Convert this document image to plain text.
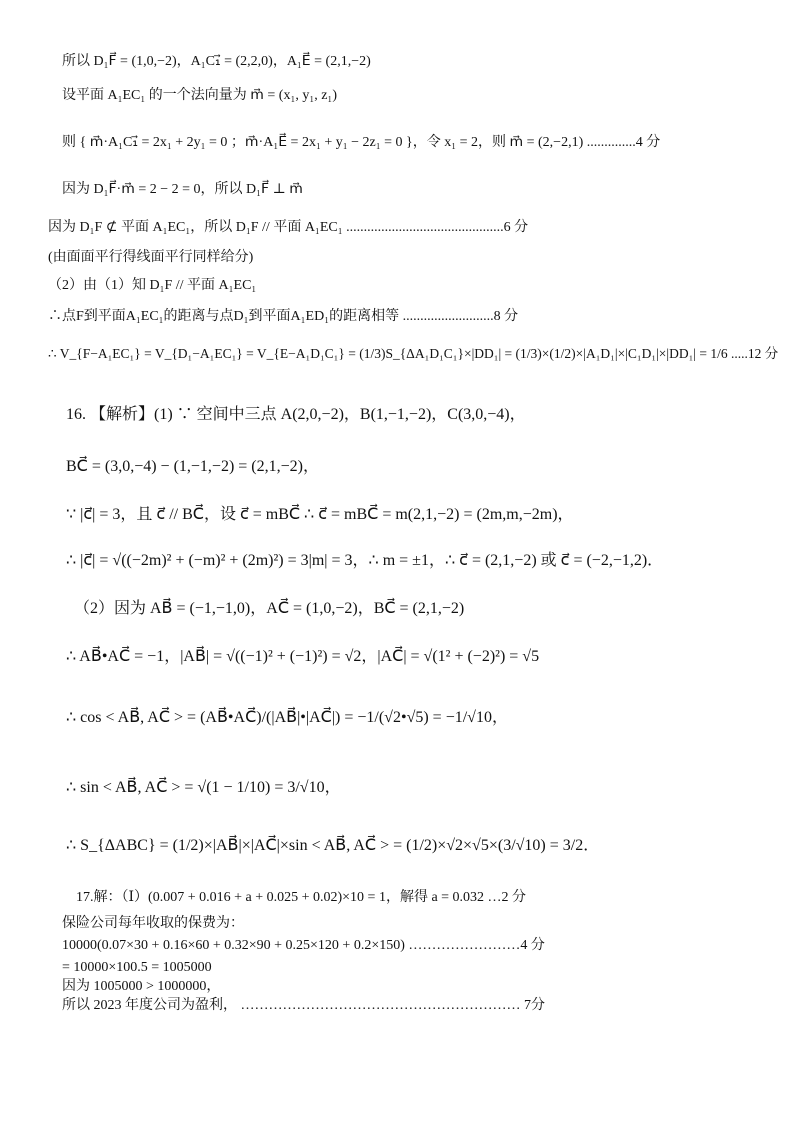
所以 D₁F⃗ = (1,0,−2)，A₁C₁⃗ = (2,2,0)，A₁E⃗ = (2,1,−2)
设平面 A₁EC₁ 的一个法向量为 m⃗ = (x₁, y₁, z₁)
则 { m⃗·A₁C₁⃗ = 2x₁ + 2y₁ = 0 ；m⃗·A₁E⃗ = 2x₁ + y₁ − 2z₁ = 0 }，令 x₁ = 2，则 m⃗ = (2,−2,1) ..............4 分
因为 D₁F⃗·m⃗ = 2 − 2 = 0，所以 D₁F⃗ ⊥ m⃗
因为 D₁F ⊄ 平面 A₁EC₁，所以 D₁F // 平面 A₁EC₁ .............................................6 分
(由面面平行得线面平行同样给分)
（2）由（1）知 D₁F // 平面 A₁EC₁
∴点F到平面A₁EC₁的距离与点D₁到平面A₁ED₁的距离相等 ..........................8 分
∴ V_{F−A₁EC₁} = V_{D₁−A₁EC₁} = V_{E−A₁D₁C₁} = (1/3)S_{ΔA₁D₁C₁}×|DD₁| = (1/3)×(1/2)×|A₁D₁|×|C₁D₁|×|DD₁| = 1/6 .....12 分
16. 【解析】(1) ∵ 空间中三点 A(2,0,−2)，B(1,−1,−2)，C(3,0,−4)，
BC⃗ = (3,0,−4) − (1,−1,−2) = (2,1,−2)，
∵ |c⃗| = 3，且 c⃗ // BC⃗，设 c⃗ = mBC⃗ ∴ c⃗ = mBC⃗ = m(2,1,−2) = (2m,m,−2m)，
∴ |c⃗| = √((−2m)² + (−m)² + (2m)²) = 3|m| = 3，∴ m = ±1，∴ c⃗ = (2,1,−2) 或 c⃗ = (−2,−1,2)．
（2）因为 AB⃗ = (−1,−1,0)，AC⃗ = (1,0,−2)，BC⃗ = (2,1,−2)
∴ AB⃗•AC⃗ = −1，|AB⃗| = √((−1)² + (−1)²) = √2，|AC⃗| = √(1² + (−2)²) = √5
∴ cos < AB⃗, AC⃗ > = (AB⃗•AC⃗)/(|AB⃗|•|AC⃗|) = −1/(√2•√5) = −1/√10，
∴ sin < AB⃗, AC⃗ > = √(1 − 1/10) = 3/√10，
∴ S_{ΔABC} = (1/2)×|AB⃗|×|AC⃗|×sin < AB⃗, AC⃗ > = (1/2)×√2×√5×(3/√10) = 3/2．
17.解：（Ⅰ）(0.007 + 0.016 + a + 0.025 + 0.02)×10 = 1，解得 a = 0.032 …2 分
保险公司每年收取的保费为：
10000(0.07×30 + 0.16×60 + 0.32×90 + 0.25×120 + 0.2×150) ……………………4 分
= 10000×100.5 = 1005000
因为 1005000 > 1000000，
所以 2023 年度公司为盈利， …………………………………………………… 7分
